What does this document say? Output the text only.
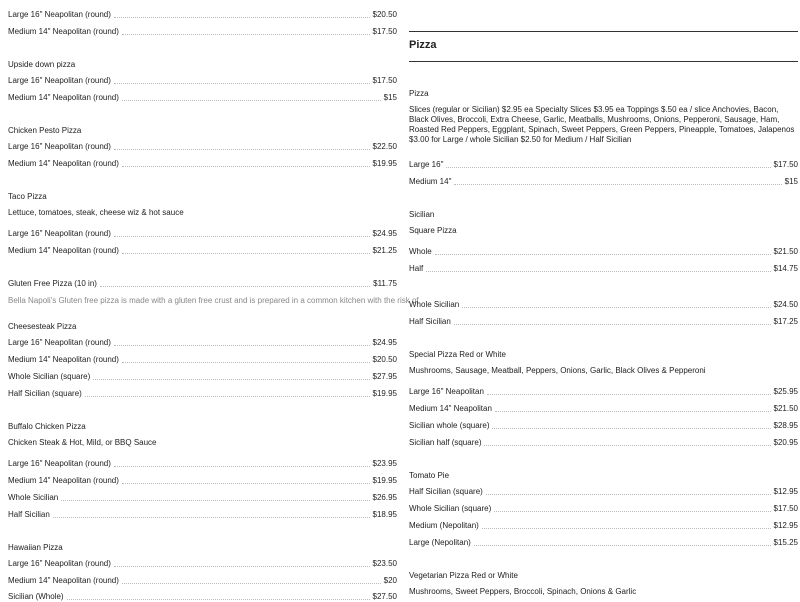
Large 16" Neapolitan (round)	$20.50
Medium 14" Neapolitan (round)	$17.50
Upside down pizza
Large 16" Neapolitan (round)	$17.50
Medium 14" Neapolitan (round)	$15
Chicken Pesto Pizza
Large 16" Neapolitan (round)	$22.50
Medium 14" Neapolitan (round)	$19.95
Taco Pizza
Lettuce, tomatoes, steak, cheese wiz & hot sauce
Large 16" Neapolitan (round)	$24.95
Medium 14" Neapolitan (round)	$21.25
Gluten Free Pizza (10 in)	$11.75
Bella Napoli's Gluten free pizza is made with a gluten free crust and is prepared in a common kitchen with the risk of
Cheesesteak Pizza
Large 16" Neapolitan (round)	$24.95
Medium 14" Neapolitan (round)	$20.50
Whole Sicilian (square)	$27.95
Half Sicilian (square)	$19.95
Buffalo Chicken Pizza
Chicken Steak & Hot, Mild, or BBQ Sauce
Large 16" Neapolitan (round)	$23.95
Medium 14" Neapolitan (round)	$19.95
Whole Sicilian	$26.95
Half Sicilian	$18.95
Hawaiian Pizza
Large 16" Neapolitan (round)	$23.50
Medium 14" Neapolitan (round)	$20
Sicilian (Whole)	$27.50
Pizza
Pizza
Slices (regular or Sicilian) $2.95 ea Specialty Slices $3.95 ea Toppings $.50 ea / slice Anchovies, Bacon, Black Olives, Broccoli, Extra Cheese, Garlic, Meatballs, Mushrooms, Onions, Pepperoni, Sausage, Ham, Roasted Red Peppers, Eggplant, Spinach, Sweet Peppers, Green Peppers, Pineapple, Tomatoes, Jalapenos $3.00 for Large / whole Sicilian $2.50 for Medium / Half Sicilian
Large 16"	$17.50
Medium 14"	$15
Sicilian
Square Pizza
Whole	$21.50
Half	$14.75
Whole Sicilian	$24.50
Half Sicilian	$17.25
Special Pizza Red or White
Mushrooms, Sausage, Meatball, Peppers, Onions, Garlic, Black Olives & Pepperoni
Large 16" Neapolitan	$25.95
Medium 14" Neapolitan	$21.50
Sicilian whole (square)	$28.95
Sicilian half (square)	$20.95
Tomato Pie
Half Sicilian (square)	$12.95
Whole Sicilian (square)	$17.50
Medium (Nepolitan)	$12.95
Large (Nepolitan)	$15.25
Vegetarian Pizza Red or White
Mushrooms, Sweet Peppers, Broccoli, Spinach, Onions & Garlic
